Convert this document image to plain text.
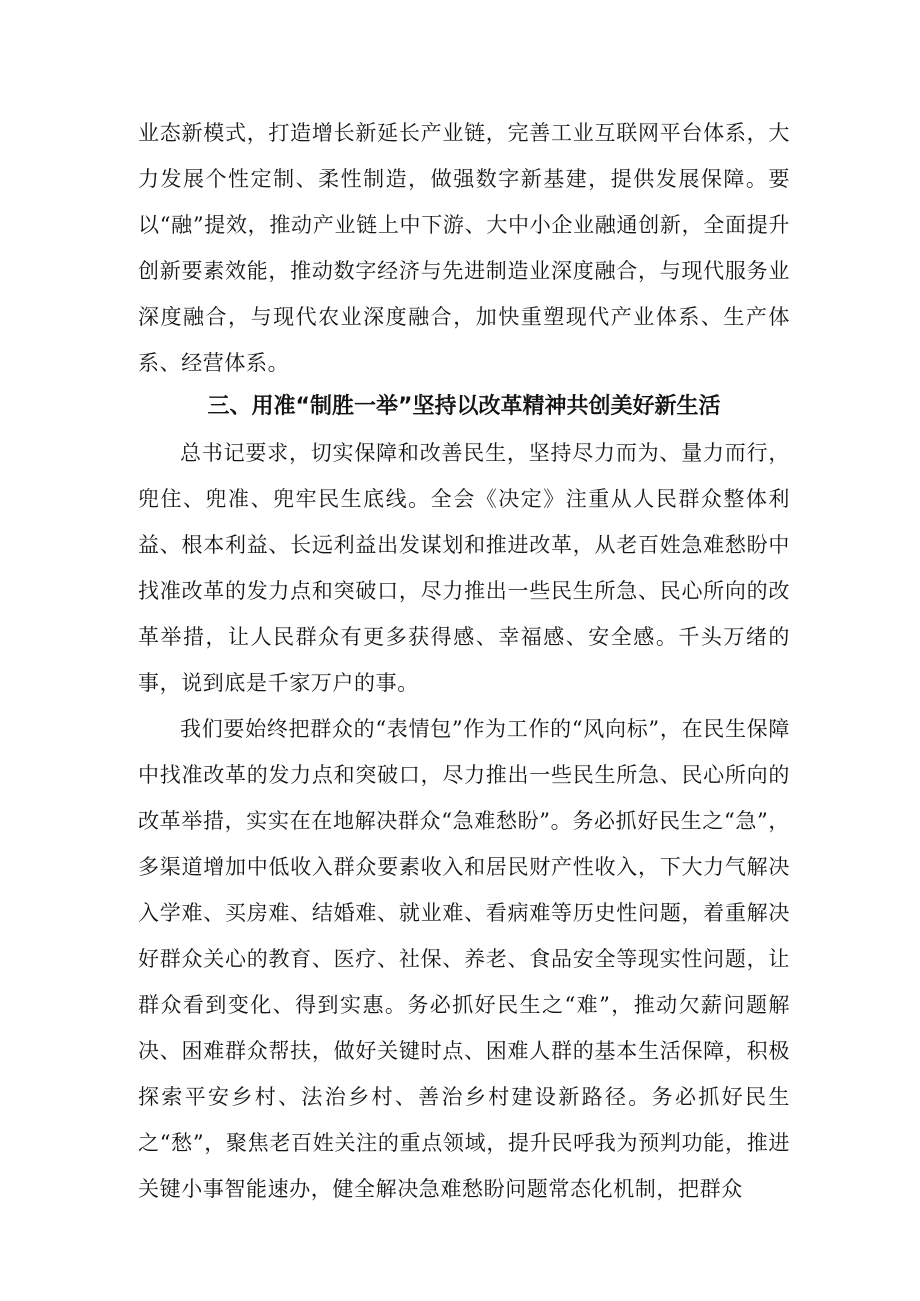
业态新模式，打造增长新延长产业链，完善工业互联网平台体系，大力发展个性定制、柔性制造，做强数字新基建，提供发展保障。要以“融”提效，推动产业链上中下游、大中小企业融通创新，全面提升创新要素效能，推动数字经济与先进制造业深度融合，与现代服务业深度融合，与现代农业深度融合，加快重塑现代产业体系、生产体系、经营体系。

三、用准“制胜一举”坚持以改革精神共创美好新生活

总书记要求，切实保障和改善民生，坚持尽力而为、量力而行，兜住、兜准、兜牢民生底线。全会《决定》注重从人民群众整体利益、根本利益、长远利益出发谋划和推进改革，从老百姓急难愁盼中找准改革的发力点和突破口，尽力推出一些民生所急、民心所向的改革举措，让人民群众有更多获得感、幸福感、安全感。千头万绪的事，说到底是千家万户的事。

我们要始终把群众的“表情包”作为工作的“风向标”，在民生保障中找准改革的发力点和突破口，尽力推出一些民生所急、民心所向的改革举措，实实在在地解决群众“急难愁盼”。务必抓好民生之“急”，多渠道增加中低收入群众要素收入和居民财产性收入，下大力气解决入学难、买房难、结婚难、就业难、看病难等历史性问题，着重解决好群众关心的教育、医疗、社保、养老、食品安全等现实性问题，让群众看到变化、得到实惠。务必抓好民生之“难”，推动欠薪问题解决、困难群众帮扶，做好关键时点、困难人群的基本生活保障，积极探索平安乡村、法治乡村、善治乡村建设新路径。务必抓好民生之“愁”，聚焦老百姓关注的重点领域，提升民呼我为预判功能，推进关键小事智能速办，健全解决急难愁盼问题常态化机制，把群众
